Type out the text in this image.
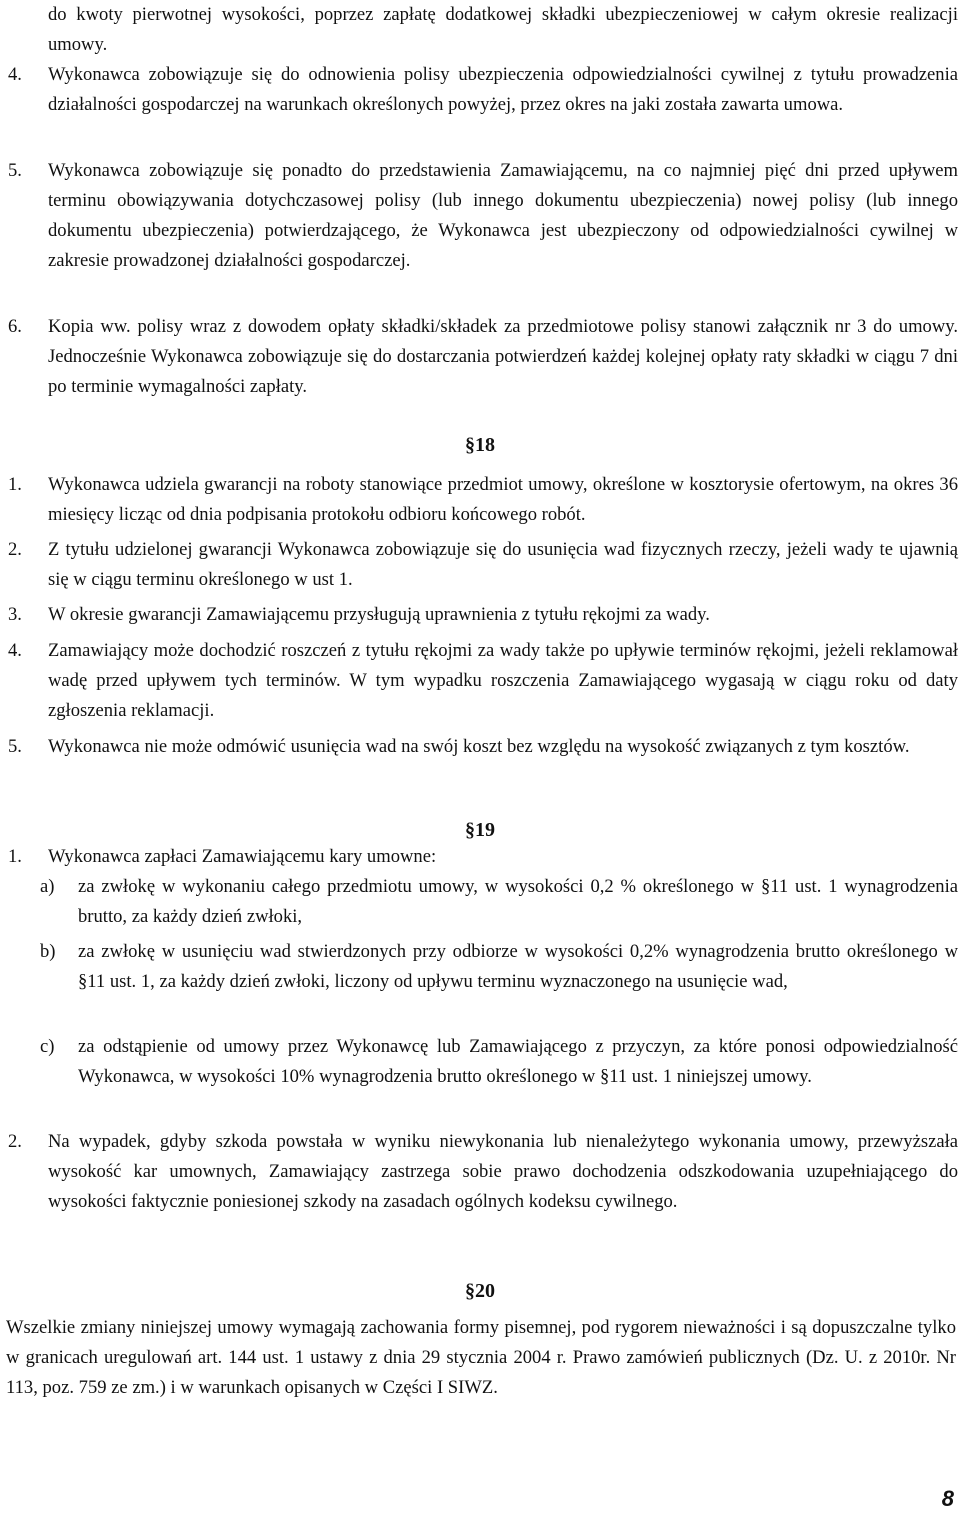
do kwoty pierwotnej wysokości, poprzez zapłatę dodatkowej składki ubezpieczeniowej w całym okresie realizacji umowy.
4.	Wykonawca zobowiązuje się do odnowienia polisy ubezpieczenia odpowiedzialności cywilnej z tytułu prowadzenia działalności gospodarczej na warunkach określonych powyżej, przez okres na jaki została zawarta umowa.
5.	Wykonawca zobowiązuje się ponadto do przedstawienia Zamawiającemu, na co najmniej pięć dni przed upływem terminu obowiązywania dotychczasowej polisy (lub innego dokumentu ubezpieczenia) nowej polisy (lub innego dokumentu ubezpieczenia) potwierdzającego, że Wykonawca jest ubezpieczony od odpowiedzialności cywilnej w zakresie prowadzonej działalności gospodarczej.
6.	Kopia ww. polisy wraz z dowodem opłaty składki/składek za przedmiotowe polisy stanowi załącznik nr 3 do umowy. Jednocześnie Wykonawca zobowiązuje się do dostarczania potwierdzeń każdej kolejnej opłaty raty składki w ciągu 7 dni po terminie wymagalności zapłaty.
§18
1.	Wykonawca udziela gwarancji na roboty stanowiące przedmiot umowy, określone w kosztorysie ofertowym, na okres 36 miesięcy licząc od dnia podpisania protokołu odbioru końcowego robót.
2.	Z tytułu udzielonej gwarancji Wykonawca zobowiązuje się do usunięcia wad fizycznych rzeczy, jeżeli wady te ujawnią się w ciągu terminu określonego w ust 1.
3.	W okresie gwarancji Zamawiającemu przysługują uprawnienia z tytułu rękojmi za wady.
4.	Zamawiający może dochodzić roszczeń z tytułu rękojmi za wady także po upływie terminów rękojmi, jeżeli reklamował wadę przed upływem tych terminów. W tym wypadku roszczenia Zamawiającego wygasają w ciągu roku od daty zgłoszenia reklamacji.
5.	Wykonawca nie może odmówić usunięcia wad na swój koszt bez względu na wysokość związanych z tym kosztów.
§19
1.	Wykonawca zapłaci Zamawiającemu kary umowne:
a)	za zwłokę w wykonaniu całego przedmiotu umowy, w wysokości 0,2 % określonego w §11 ust. 1 wynagrodzenia brutto, za każdy dzień zwłoki,
b)	za zwłokę w usunięciu wad stwierdzonych przy odbiorze w wysokości 0,2% wynagrodzenia brutto określonego w §11 ust. 1, za każdy dzień zwłoki, liczony od upływu terminu wyznaczonego na usunięcie wad,
c)	za odstąpienie od umowy przez Wykonawcę lub Zamawiającego z przyczyn, za które ponosi odpowiedzialność Wykonawca, w wysokości 10% wynagrodzenia brutto określonego w §11 ust. 1 niniejszej umowy.
2.	Na wypadek, gdyby szkoda powstała w wyniku niewykonania lub nienależytego wykonania umowy, przewyższała wysokość kar umownych, Zamawiający zastrzega sobie prawo dochodzenia odszkodowania uzupełniającego do wysokości faktycznie poniesionej szkody na zasadach ogólnych kodeksu cywilnego.
§20
Wszelkie zmiany niniejszej umowy wymagają zachowania formy pisemnej, pod rygorem nieważności i są dopuszczalne tylko w granicach uregulowań art. 144 ust. 1 ustawy z dnia 29 stycznia 2004 r. Prawo zamówień publicznych (Dz. U. z 2010r. Nr 113, poz. 759 ze zm.) i w warunkach opisanych w Części I SIWZ.
8
